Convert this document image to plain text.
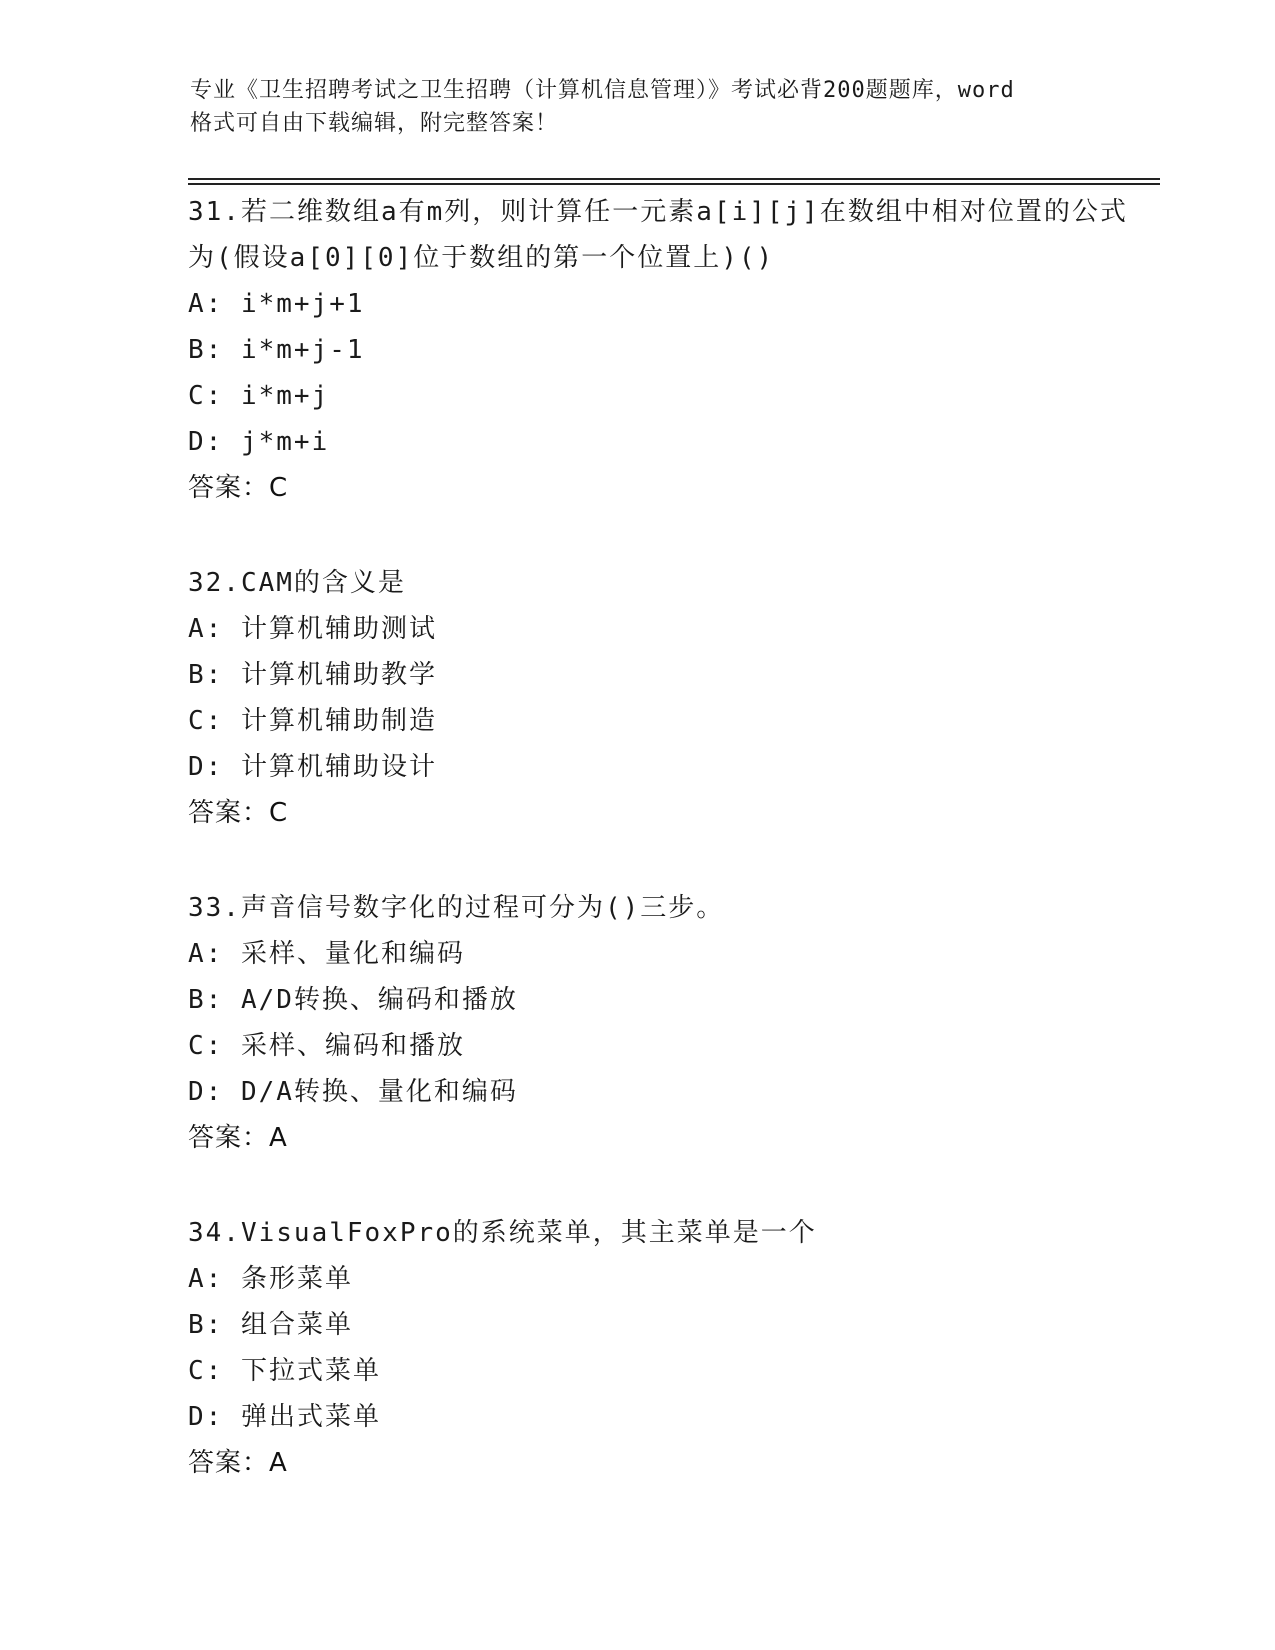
专业《卫生招聘考试之卫生招聘（计算机信息管理）》考试必背200题题库，word
格式可自由下载编辑，附完整答案！
31.若二维数组a有m列，则计算任一元素a[i][j]在数组中相对位置的公式为(假设a[0][0]位于数组的第一个位置上)()
A: i*m+j+1
B: i*m+j-1
C: i*m+j
D: j*m+i
答案：C
32.CAM的含义是
A: 计算机辅助测试
B: 计算机辅助教学
C: 计算机辅助制造
D: 计算机辅助设计
答案：C
33.声音信号数字化的过程可分为()三步。
A: 采样、量化和编码
B: A/D转换、编码和播放
C: 采样、编码和播放
D: D/A转换、量化和编码
答案：A
34.VisualFoxPro的系统菜单，其主菜单是一个
A: 条形菜单
B: 组合菜单
C: 下拉式菜单
D: 弹出式菜单
答案：A
